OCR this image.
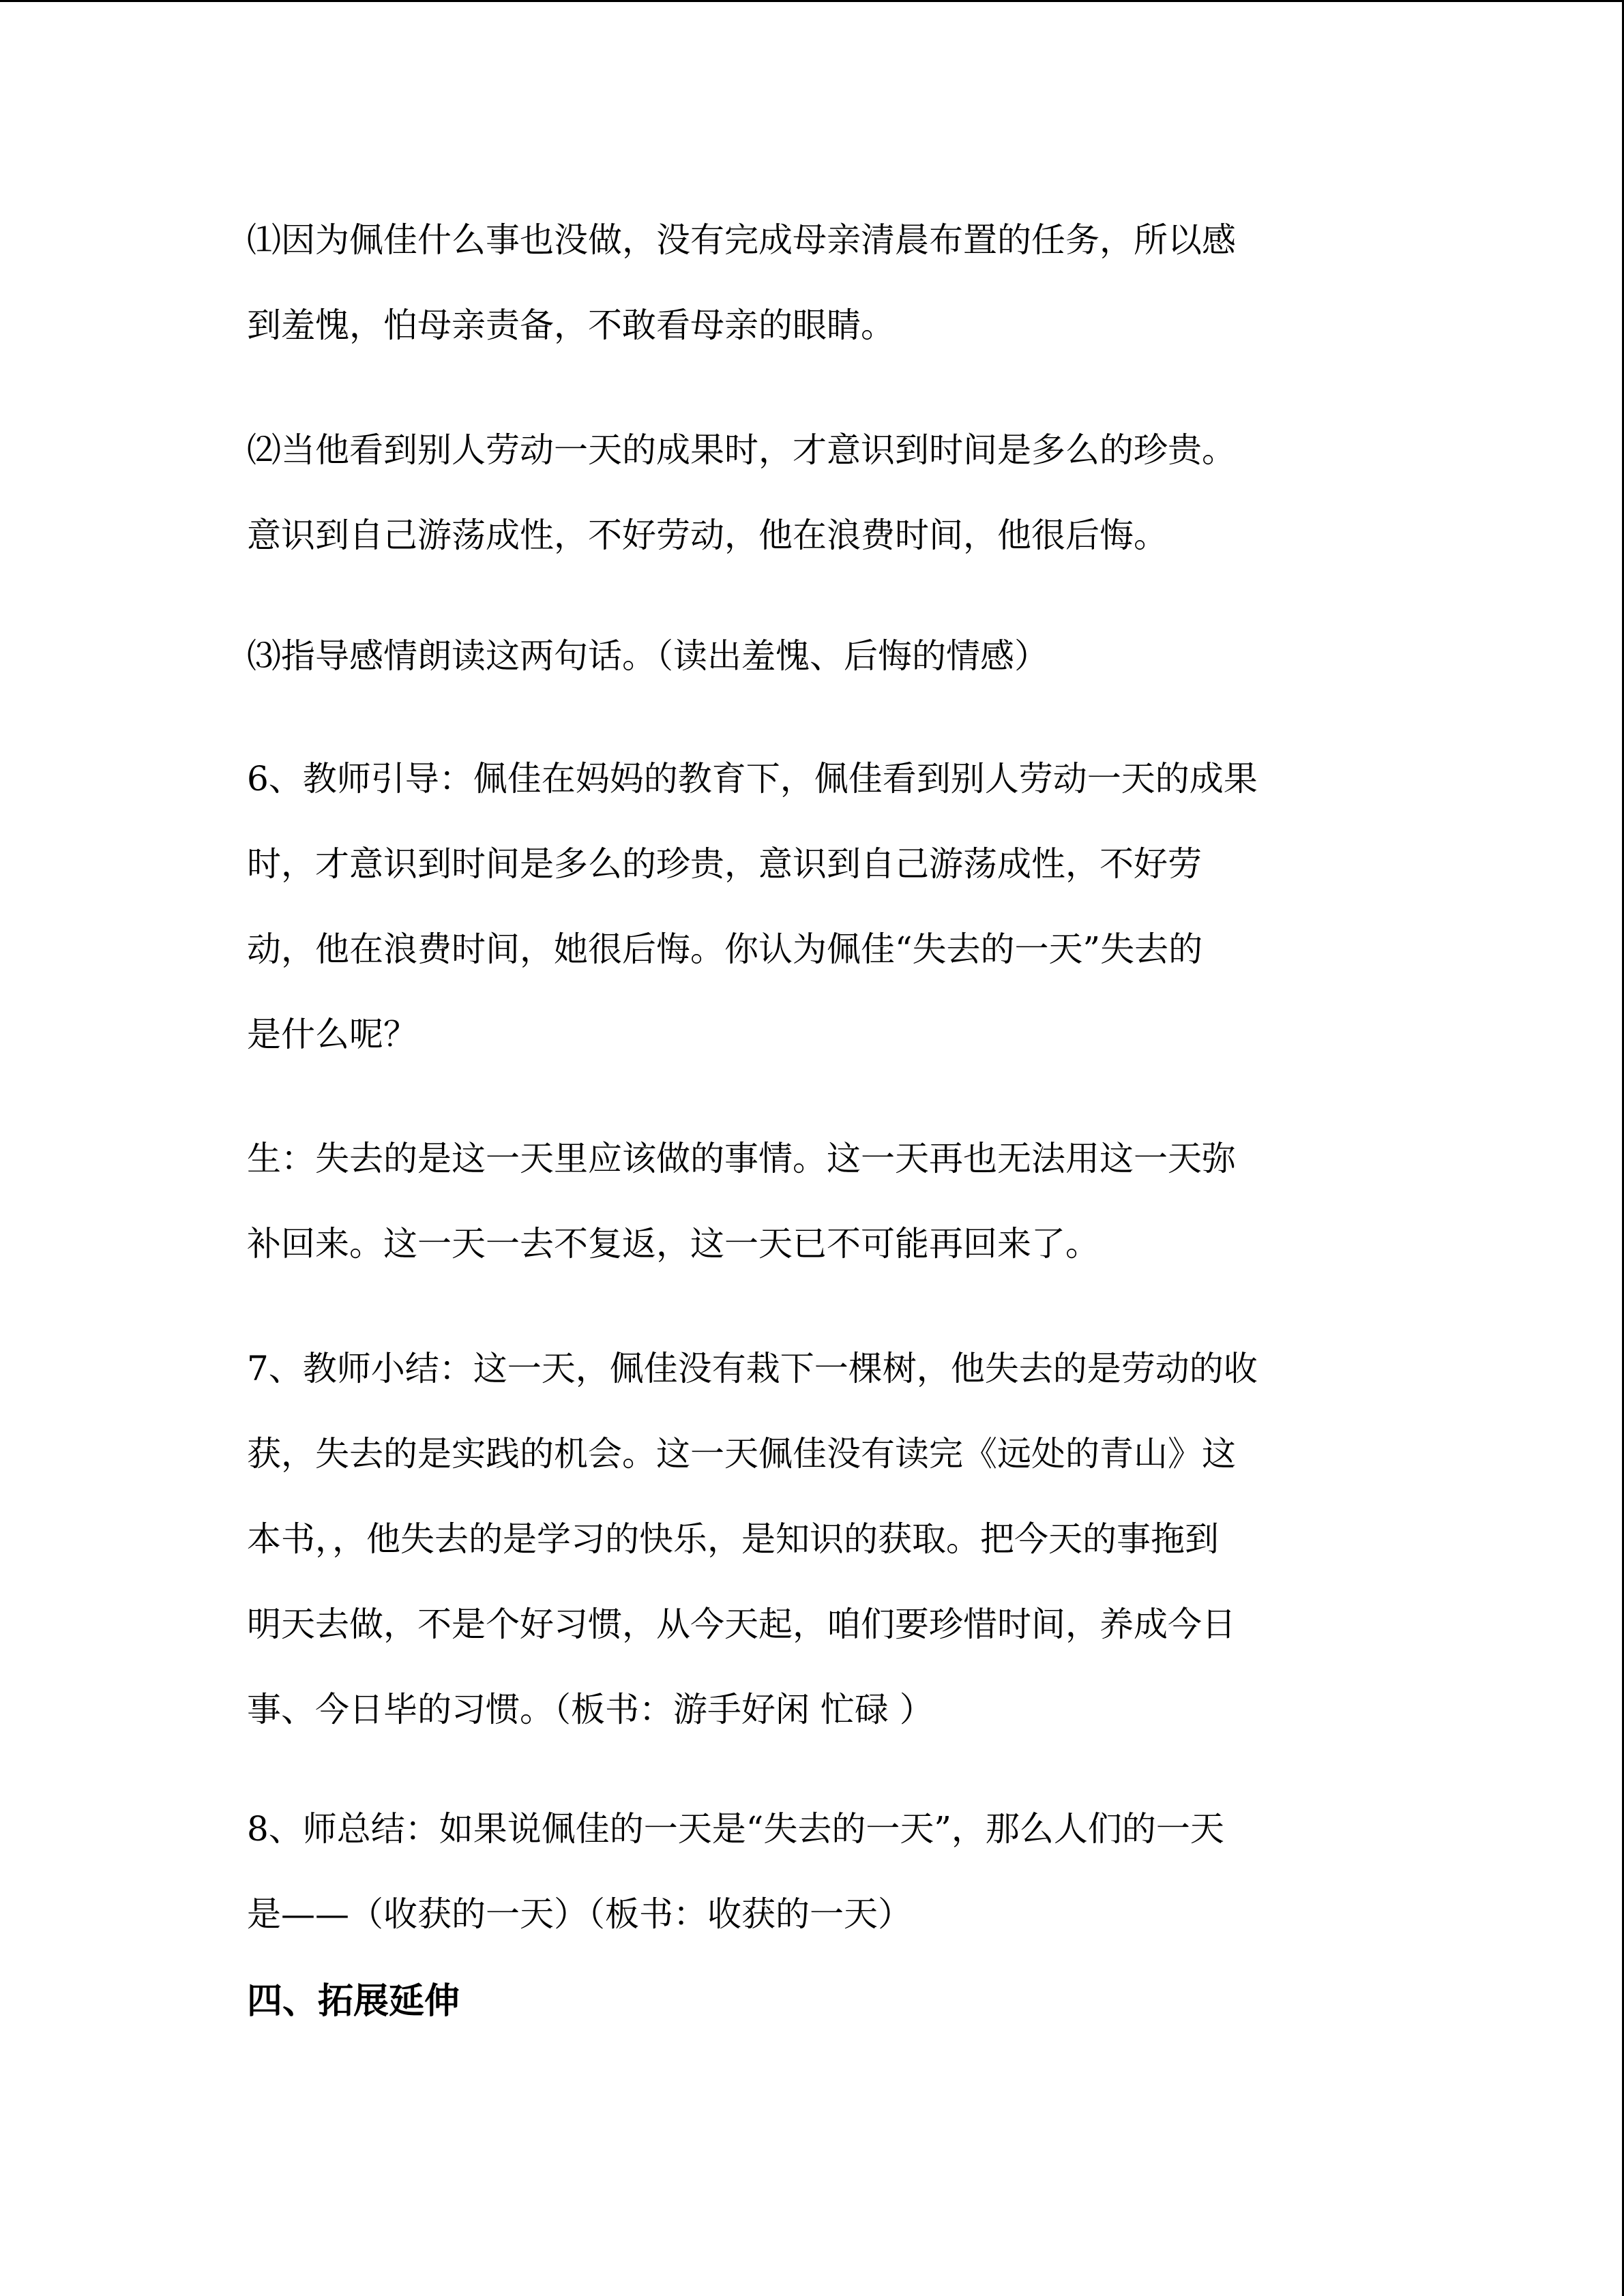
⑴因为佩佳什么事也没做，没有完成母亲清晨布置的任务，所以感
到羞愧，怕母亲责备，不敢看母亲的眼睛。

⑵当他看到别人劳动一天的成果时，才意识到时间是多么的珍贵。
意识到自己游荡成性，不好劳动，他在浪费时间，他很后悔。

⑶指导感情朗读这两句话。（读出羞愧、后悔的情感）

6、教师引导：佩佳在妈妈的教育下，佩佳看到别人劳动一天的成果
时，才意识到时间是多么的珍贵，意识到自己游荡成性，不好劳
动，他在浪费时间，她很后悔。你认为佩佳“失去的一天”失去的
是什么呢？

生：失去的是这一天里应该做的事情。这一天再也无法用这一天弥
补回来。这一天一去不复返，这一天已不可能再回来了。

7、教师小结：这一天，佩佳没有栽下一棵树，他失去的是劳动的收
获，失去的是实践的机会。这一天佩佳没有读完《远处的青山》这
本书，，他失去的是学习的快乐，是知识的获取。把今天的事拖到
明天去做，不是个好习惯，从今天起，咱们要珍惜时间，养成今日
事、今日毕的习惯。（板书：游手好闲 忙碌 ）

8、师总结：如果说佩佳的一天是“失去的一天”，那么人们的一天
是——（收获的一天）（板书：收获的一天）

四、拓展延伸
